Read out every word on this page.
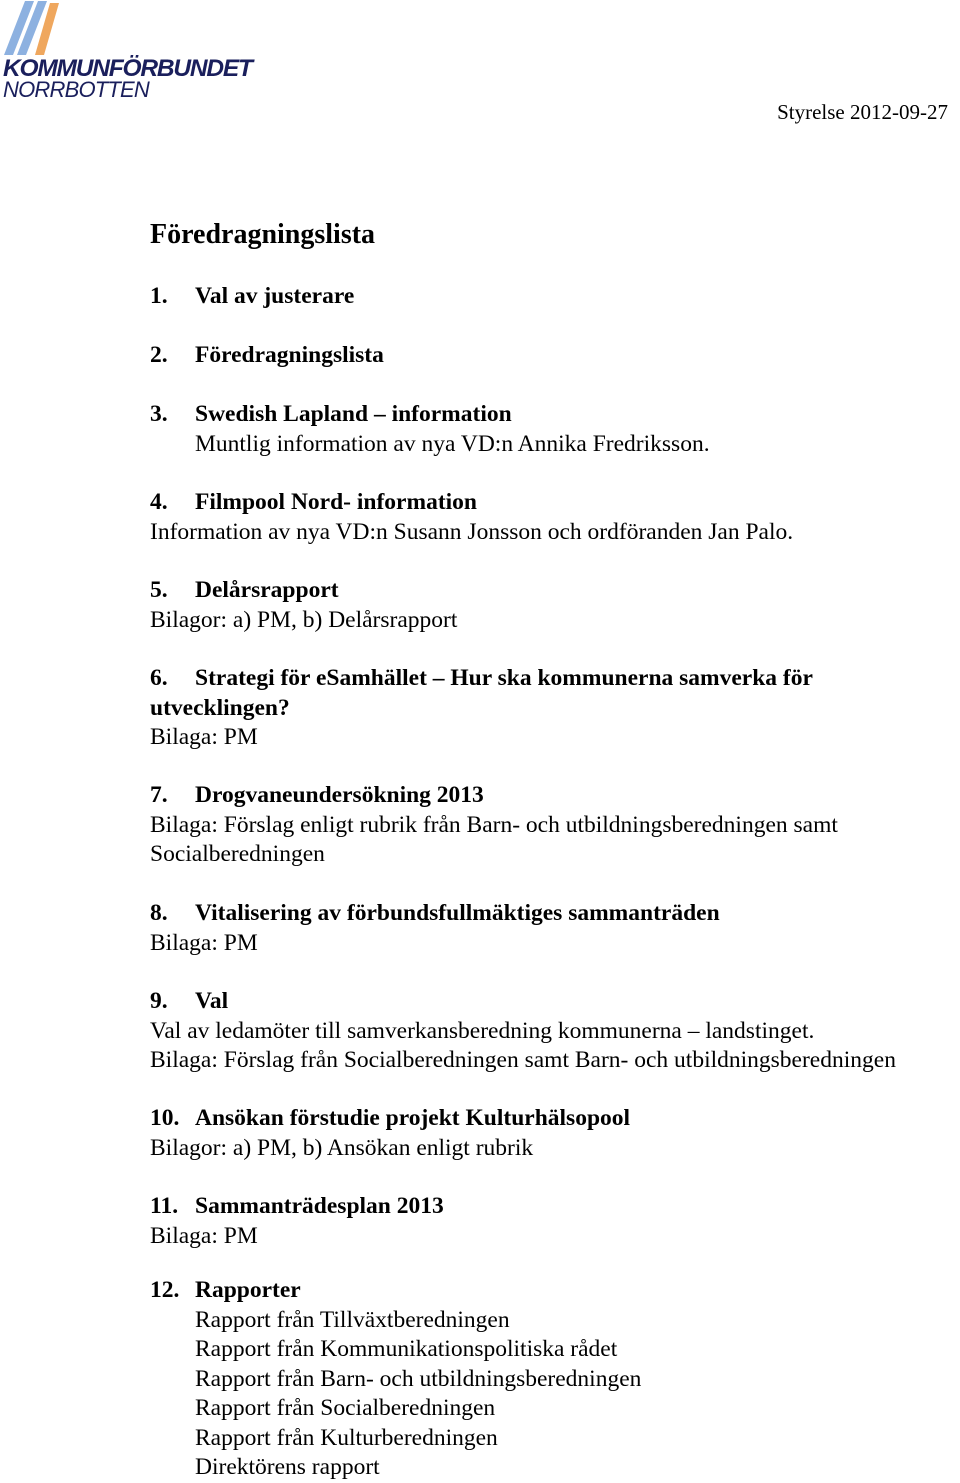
KOMMUNFÖRBUNDET
NORRBOTTEN
Styrelse 2012-09-27
Föredragningslista
1. Val av justerare
2. Föredragningslista
3. Swedish Lapland – information
Muntlig information av nya VD:n Annika Fredriksson.
4. Filmpool Nord- information
Information av nya VD:n Susann Jonsson och ordföranden Jan Palo.
5. Delårsrapport
Bilagor: a) PM, b) Delårsrapport
6. Strategi för eSamhället – Hur ska kommunerna samverka för utvecklingen?
Bilaga: PM
7. Drogvaneundersökning 2013
Bilaga: Förslag enligt rubrik från Barn- och utbildningsberedningen samt Socialberedningen
8. Vitalisering av förbundsfullmäktiges sammanträden
Bilaga: PM
9. Val
Val av ledamöter till samverkansberedning kommunerna – landstinget.
Bilaga: Förslag från Socialberedningen samt Barn- och utbildningsberedningen
10. Ansökan förstudie projekt Kulturhälsopool
Bilagor: a) PM, b) Ansökan enligt rubrik
11. Sammanträdesplan 2013
Bilaga: PM
12. Rapporter
Rapport från Tillväxtberedningen
Rapport från Kommunikationspolitiska rådet
Rapport från Barn- och utbildningsberedningen
Rapport från Socialberedningen
Rapport från Kulturberedningen
Direktörens rapport
